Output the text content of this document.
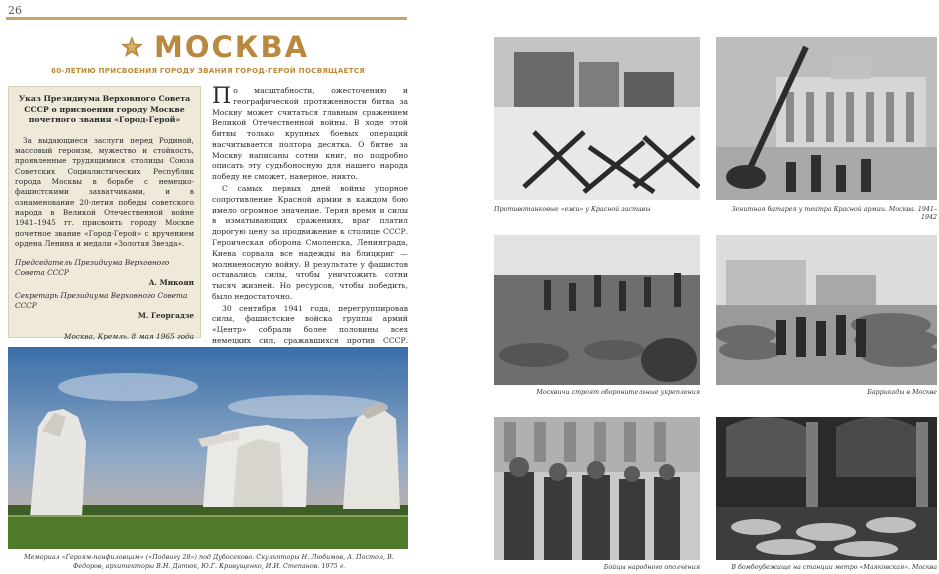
26
МОСКВА
60-ЛЕТИЮ ПРИСВОЕНИЯ ГОРОДУ ЗВАНИЯ ГОРОД-ГЕРОЙ ПОСВЯЩАЕТСЯ
Указ Президиума Верховного Совета СССР о присвоении городу Москве почетного звания «Город-Герой»
За выдающиеся заслуги перед Родиной, массовый героизм, мужество и стойкость, проявленные трудящимися столицы Союза Советских Социалистических Республик города Москвы в борьбе с немецко-фашистскими захватчиками, и в ознаменование 20-летия победы советского народа в Великой Отечественной войне 1941–1945 гг. присвоить городу Москве почетное звание «Город-Герой» с вручением ордена Ленина и медали «Золотая Звезда».
Председатель Президиума Верховного Совета СССР
А. Микоян
Секретарь Президиума Верховного Совета СССР
М. Георгадзе
Москва, Кремль. 8 мая 1965 года

По масштабности, ожесточению и географической протяженности битва за Москву может считаться главным сражением Великой Отечественной войны. В ходе этой битвы только крупных боевых операций насчитывается полтора десятка. О битве за Москву написаны сотни книг, но подробно описать эту судьбоносную для нашего народа победу не сможет, наверное, никто.

С самых первых дней войны упорное сопротивление Красной армии в каждом бою имело огромное значение. Теряя время и силы в изматывающих сражениях, враг платил дорогую цену за продвижение к столице СССР. Героическая оборона Смоленска, Ленинграда, Киева сорвала все надежды на блицкриг — молниеносную войну. В результате у фашистов оставались силы, чтобы уничтожить сотни тысяч жизней. Но ресурсов, чтобы победить, было недостаточно.

30 сентября 1941 года, перегруппировав силы, фашистские войска группы армий «Центр» собрали более половины всех немецких сил, сражавшихся против СССР.

Мемориал «Героям-панфиловцам» («Подвигу 28») под Дубосеково. Скульпторы Н. Любимов, А. Постол, В. Федоров, архитекторы В.Н. Датюк, Ю.Г. Кривущенко, И.И. Степанов. 1975 г.
Противотанковые «ежи» у Красной заставы	Зенитная батарея у театра Красной армии. Москва. 1941–1942
Москвичи строят оборонительные укрепления	Баррикады в Москве
Бойцы народного ополчения	В бомбоубежище на станции метро «Маяковская». Москва
